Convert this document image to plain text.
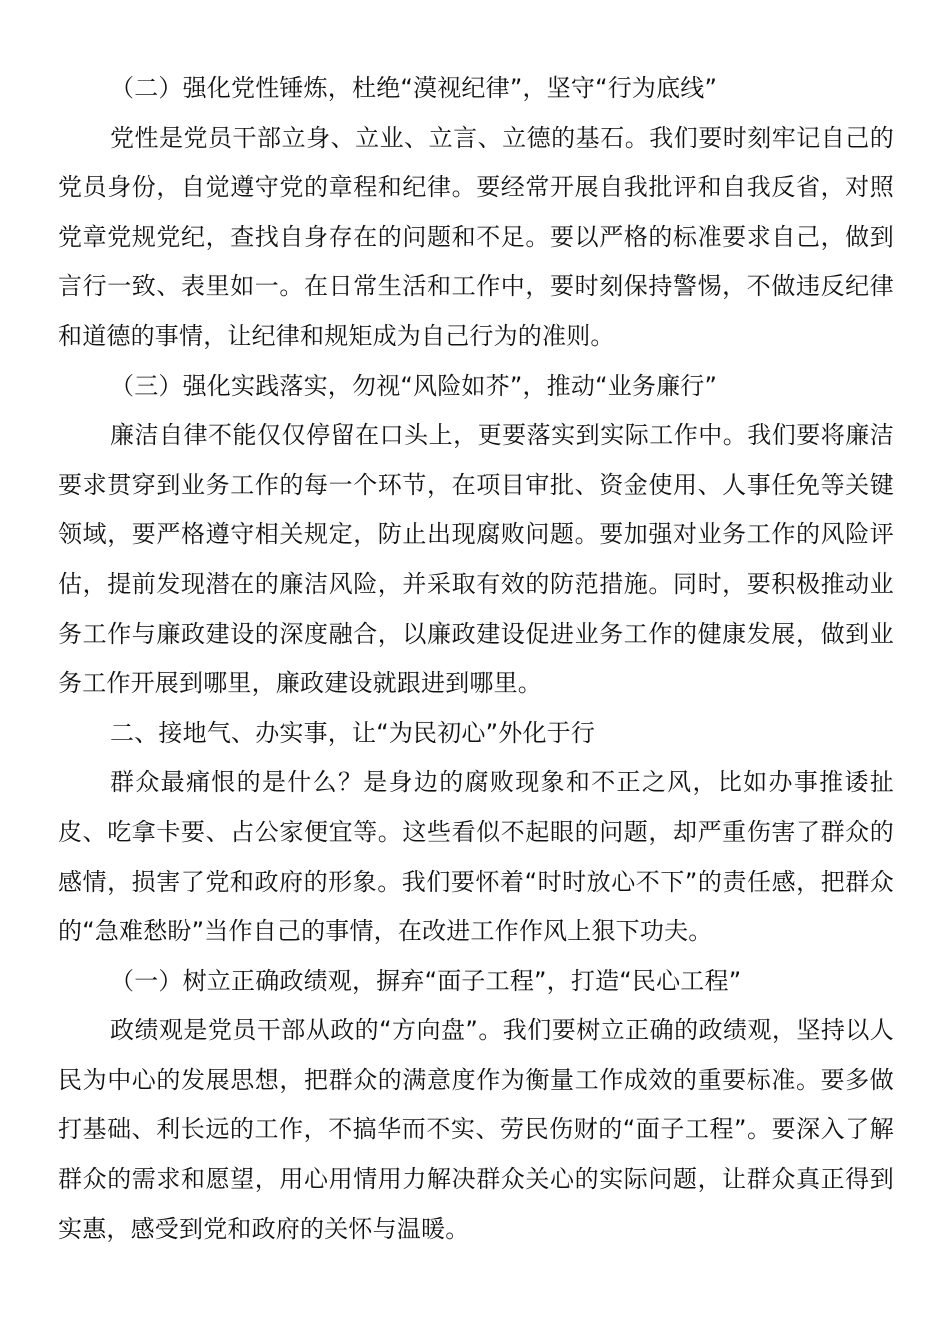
（二）强化党性锤炼，杜绝“漠视纪律”，坚守“行为底线”

党性是党员干部立身、立业、立言、立德的基石。我们要时刻牢记自己的党员身份，自觉遵守党的章程和纪律。要经常开展自我批评和自我反省，对照党章党规党纪，查找自身存在的问题和不足。要以严格的标准要求自己，做到言行一致、表里如一。在日常生活和工作中，要时刻保持警惕，不做违反纪律和道德的事情，让纪律和规矩成为自己行为的准则。

（三）强化实践落实，勿视“风险如芥”，推动“业务廉行”

廉洁自律不能仅仅停留在口头上，更要落实到实际工作中。我们要将廉洁要求贯穿到业务工作的每一个环节，在项目审批、资金使用、人事任免等关键领域，要严格遵守相关规定，防止出现腐败问题。要加强对业务工作的风险评估，提前发现潜在的廉洁风险，并采取有效的防范措施。同时，要积极推动业务工作与廉政建设的深度融合，以廉政建设促进业务工作的健康发展，做到业务工作开展到哪里，廉政建设就跟进到哪里。

二、接地气、办实事，让“为民初心”外化于行

群众最痛恨的是什么？是身边的腐败现象和不正之风，比如办事推诿扯皮、吃拿卡要、占公家便宜等。这些看似不起眼的问题，却严重伤害了群众的感情，损害了党和政府的形象。我们要怀着“时时放心不下”的责任感，把群众的“急难愁盼”当作自己的事情，在改进工作作风上狠下功夫。

（一）树立正确政绩观，摒弃“面子工程”，打造“民心工程”

政绩观是党员干部从政的“方向盘”。我们要树立正确的政绩观，坚持以人民为中心的发展思想，把群众的满意度作为衡量工作成效的重要标准。要多做打基础、利长远的工作，不搞华而不实、劳民伤财的“面子工程”。要深入了解群众的需求和愿望，用心用情用力解决群众关心的实际问题，让群众真正得到实惠，感受到党和政府的关怀与温暖。
